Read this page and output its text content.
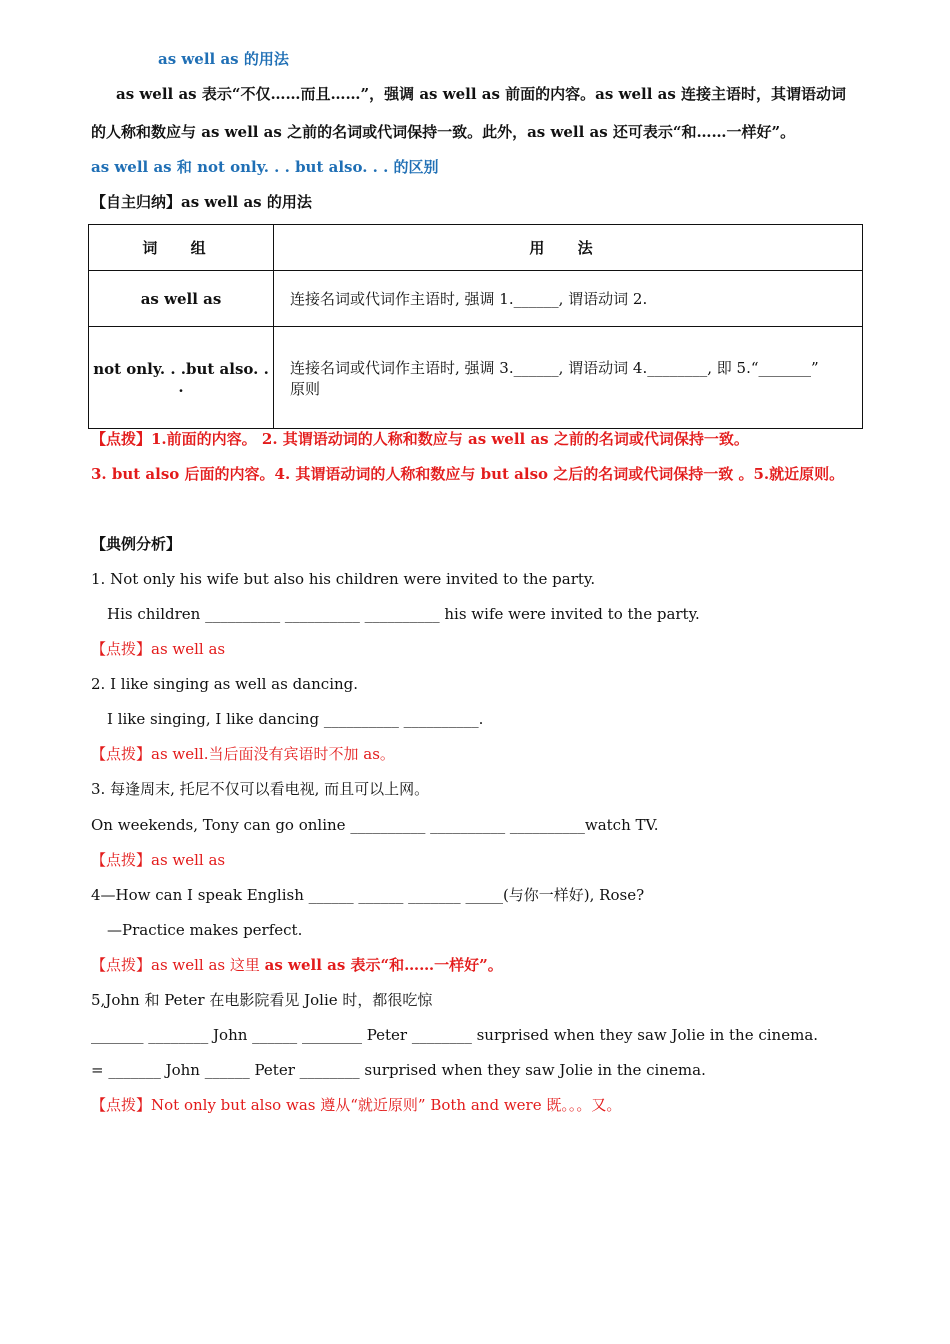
as well as 的用法
as well as 表示“不仅……而且……”，强调 as well as 前面的内容。as well as 连接主语时，其谓语动词
的人称和数应与 as well as 之前的名词或代词保持一致。此外，as well as 还可表示“和……一样好”。
as well as 和 not only. . . but also. . . 的区别
【自主归纳】as well as 的用法
词 组	用 法
as well as	连接名词或代词作主语时, 强调 1.______, 谓语动词 2.
not only. . .but also. . .	连接名词或代词作主语时, 强调 3.______, 谓语动词 4.________, 即 5.“_______”
原则
【点拨】1.前面的内容。 2. 其谓语动词的人称和数应与 as well as 之前的名词或代词保持一致。
3. but also 后面的内容。4. 其谓语动词的人称和数应与 but also 之后的名词或代词保持一致 。5.就近原则。
【典例分析】
1. Not only his wife but also his children were invited to the party.
His children __________ __________ __________ his wife were invited to the party.
【点拨】as well as
2. I like singing as well as dancing.
I like singing, I like dancing __________ __________.
【点拨】as well.当后面没有宾语时不加 as。
3. 每逢周末, 托尼不仅可以看电视, 而且可以上网。
On weekends, Tony can go online __________ __________ __________watch TV.
【点拨】as well as
4—How can I speak English ______ ______ _______ _____(与你一样好), Rose?
—Practice makes perfect.
【点拨】as well as 这里 as well as 表示“和……一样好”。
5,John 和 Peter 在电影院看见 Jolie 时，都很吃惊
_______ ________ John ______ ________ Peter ________ surprised when they saw Jolie in the cinema.
= _______ John ______ Peter ________ surprised when they saw Jolie in the cinema.
【点拨】Not only but also was 遵从“就近原则” Both and were 既。。。又。
